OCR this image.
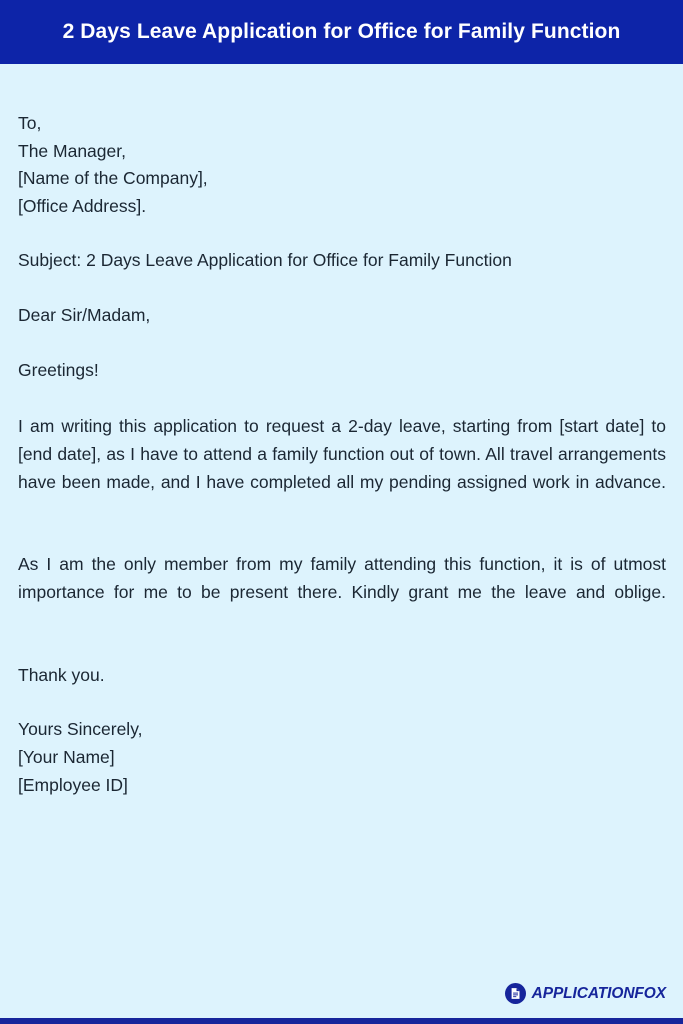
2 Days Leave Application for Office for Family Function
To,
The Manager,
[Name of the Company],
[Office Address].
Subject: 2 Days Leave Application for Office for Family Function
Dear Sir/Madam,
Greetings!

I am writing this application to request a 2-day leave, starting from [start date] to [end date], as I have to attend a family function out of town. All travel arrangements have been made, and I have completed all my pending assigned work in advance.

As I am the only member from my family attending this function, it is of utmost importance for me to be present there. Kindly grant me the leave and oblige.

Thank you.
Yours Sincerely,
[Your Name]
[Employee ID]
APPLICATIONFOX
